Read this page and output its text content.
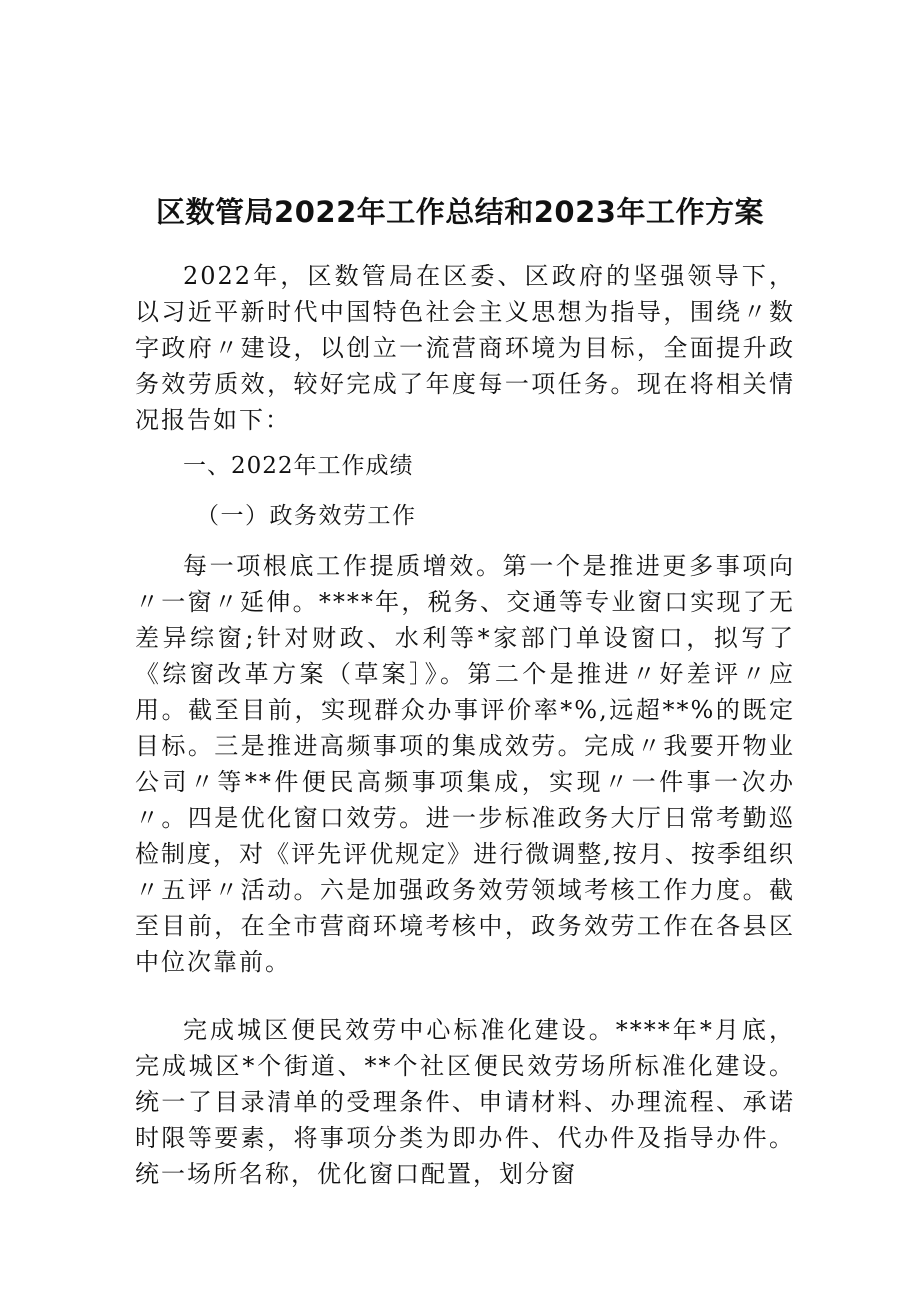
区数管局2022年工作总结和2023年工作方案

2022年，区数管局在区委、区政府的坚强领导下，以习近平新时代中国特色社会主义思想为指导，围绕〃数字政府〃建设，以创立一流营商环境为目标，全面提升政务效劳质效，较好完成了年度每一项任务。现在将相关情况报告如下：

一、2022年工作成绩

（一）政务效劳工作

每一项根底工作提质增效。第一个是推进更多事项向〃一窗〃延伸。****年，税务、交通等专业窗口实现了无差异综窗;针对财政、水利等*家部门单设窗口，拟写了《综窗改革方案（草案］》。第二个是推进〃好差评〃应用。截至目前，实现群众办事评价率*%,远超**%的既定目标。三是推进高频事项的集成效劳。完成〃我要开物业公司〃等**件便民高频事项集成，实现〃一件事一次办〃。四是优化窗口效劳。进一步标准政务大厅日常考勤巡检制度，对《评先评优规定》进行微调整,按月、按季组织〃五评〃活动。六是加强政务效劳领域考核工作力度。截至目前，在全市营商环境考核中，政务效劳工作在各县区中位次靠前。

完成城区便民效劳中心标准化建设。****年*月底，完成城区*个街道、**个社区便民效劳场所标准化建设。统一了目录清单的受理条件、申请材料、办理流程、承诺时限等要素，将事项分类为即办件、代办件及指导办件。统一场所名称，优化窗口配置，划分窗
